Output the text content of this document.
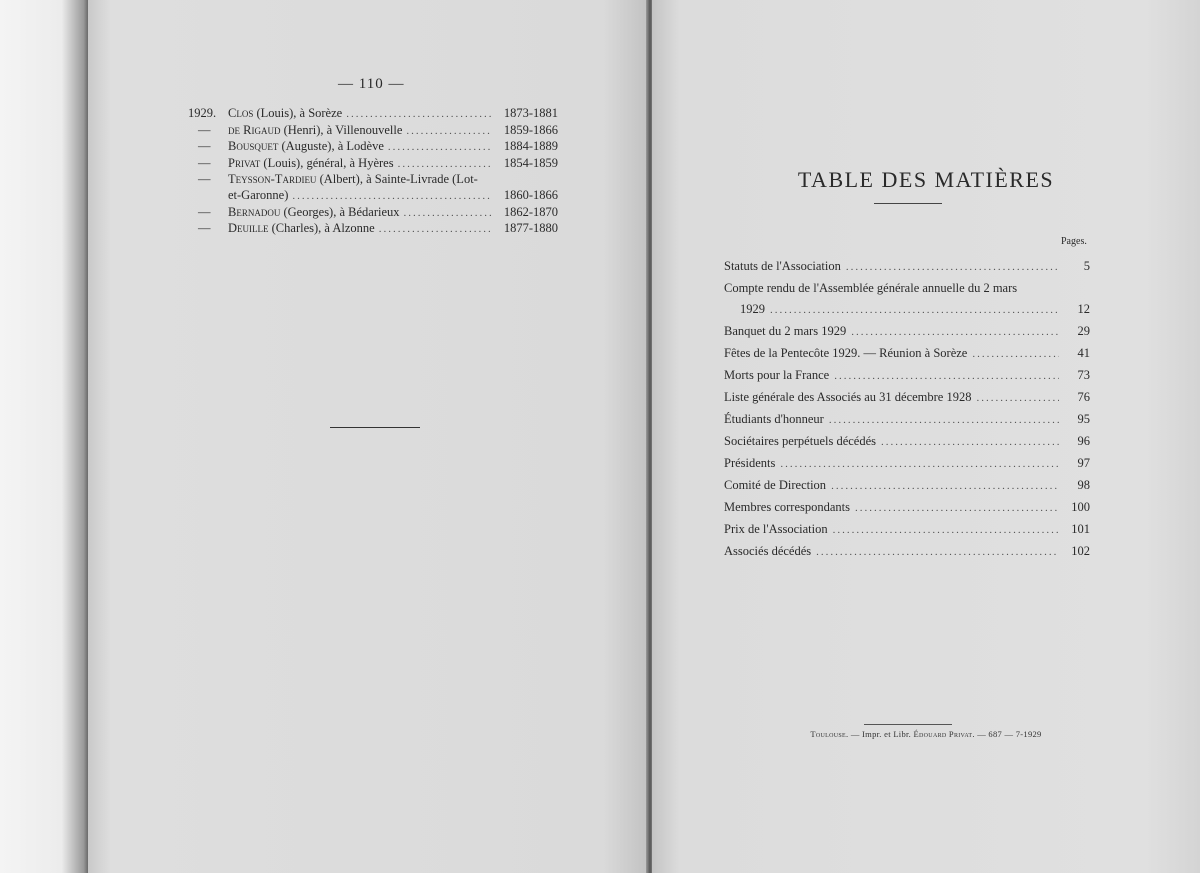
— 110 —
1929. Clos (Louis), à Sorèze .....	1873-1881
—	de Rigaud (Henri), à Villenouvelle .....	1859-1866
—	Bousquet (Auguste), à Lodève .....	1884-1889
—	Privat (Louis), général, à Hyères .....	1854-1859
—	Teysson-Tardieu (Albert), à Sainte-Livrade (Lot-
et-Garonne) .....	1860-1866
—	Bernadou (Georges), à Bédarieux .....	1862-1870
—	Deuille (Charles), à Alzonne .....	1877-1880
TABLE DES MATIÈRES
Pages.
Statuts de l'Association .....	5
Compte rendu de l'Assemblée générale annuelle du 2 mars
1929 .....	12
Banquet du 2 mars 1929 .....	29
Fêtes de la Pentecôte 1929. — Réunion à Sorèze .....	41
Morts pour la France .....	73
Liste générale des Associés au 31 décembre 1928 .....	76
Étudiants d'honneur .....	95
Sociétaires perpétuels décédés .....	96
Présidents .....	97
Comité de Direction .....	98
Membres correspondants .....	100
Prix de l'Association .....	101
Associés décédés .....	102
Toulouse. — Impr. et Libr. Édouard Privat. — 687 — 7-1929
